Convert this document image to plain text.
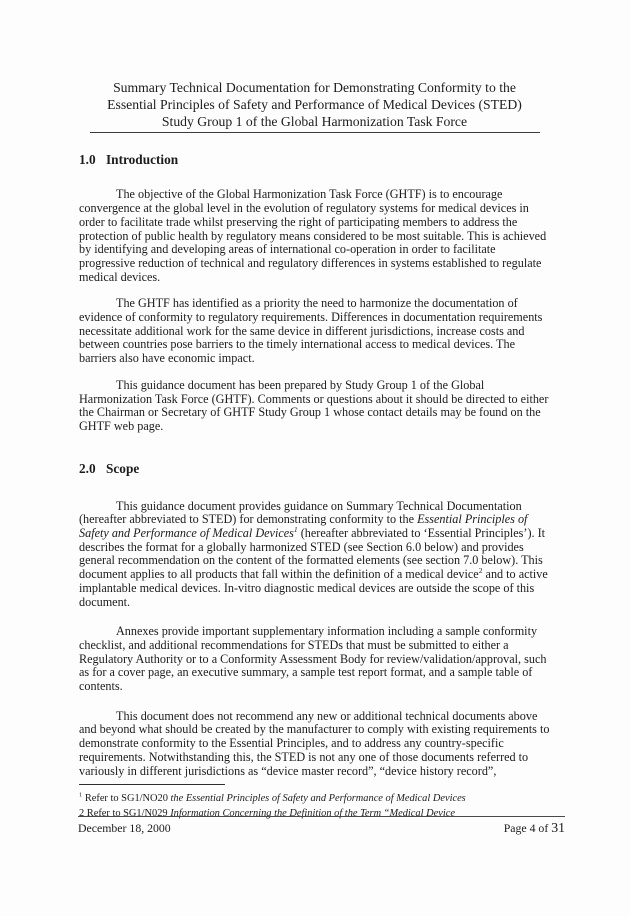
Summary Technical Documentation for Demonstrating Conformity to the
Essential Principles of Safety and Performance of Medical Devices (STED)
Study Group 1 of the Global Harmonization Task Force
1.0 Introduction

The objective of the Global Harmonization Task Force (GHTF) is to encourage convergence at the global level in the evolution of regulatory systems for medical devices in order to facilitate trade whilst preserving the right of participating members to address the protection of public health by regulatory means considered to be most suitable. This is achieved by identifying and developing areas of international co-operation in order to facilitate progressive reduction of technical and regulatory differences in systems established to regulate medical devices.

The GHTF has identified as a priority the need to harmonize the documentation of evidence of conformity to regulatory requirements. Differences in documentation requirements necessitate additional work for the same device in different jurisdictions, increase costs and between countries pose barriers to the timely international access to medical devices. The barriers also have economic impact.

This guidance document has been prepared by Study Group 1 of the Global Harmonization Task Force (GHTF). Comments or questions about it should be directed to either the Chairman or Secretary of GHTF Study Group 1 whose contact details may be found on the GHTF web page.

2.0 Scope

This guidance document provides guidance on Summary Technical Documentation (hereafter abbreviated to STED) for demonstrating conformity to the Essential Principles of Safety and Performance of Medical Devices$^1$ (hereafter abbreviated to ‘Essential Principles’). It describes the format for a globally harmonized STED (see Section 6.0 below) and provides general recommendation on the content of the formatted elements (see section 7.0 below). This document applies to all products that fall within the definition of a medical device$^2$ and to active implantable medical devices. In-vitro diagnostic medical devices are outside the scope of this document.

Annexes provide important supplementary information including a sample conformity checklist, and additional recommendations for STEDs that must be submitted to either a Regulatory Authority or to a Conformity Assessment Body for review/validation/approval, such as for a cover page, an executive summary, a sample test report format, and a sample table of contents.

This document does not recommend any new or additional technical documents above and beyond what should be created by the manufacturer to comply with existing requirements to demonstrate conformity to the Essential Principles, and to address any country-specific requirements. Notwithstanding this, the STED is not any one of those documents referred to variously in different jurisdictions as “device master record”, “device history record”,

$^1$ Refer to SG1/NO20 the Essential Principles of Safety and Performance of Medical Devices

2 Refer to SG1/N029 Information Concerning the Definition of the Term “Medical Device

December 18, 2000	Page 4 of 31
